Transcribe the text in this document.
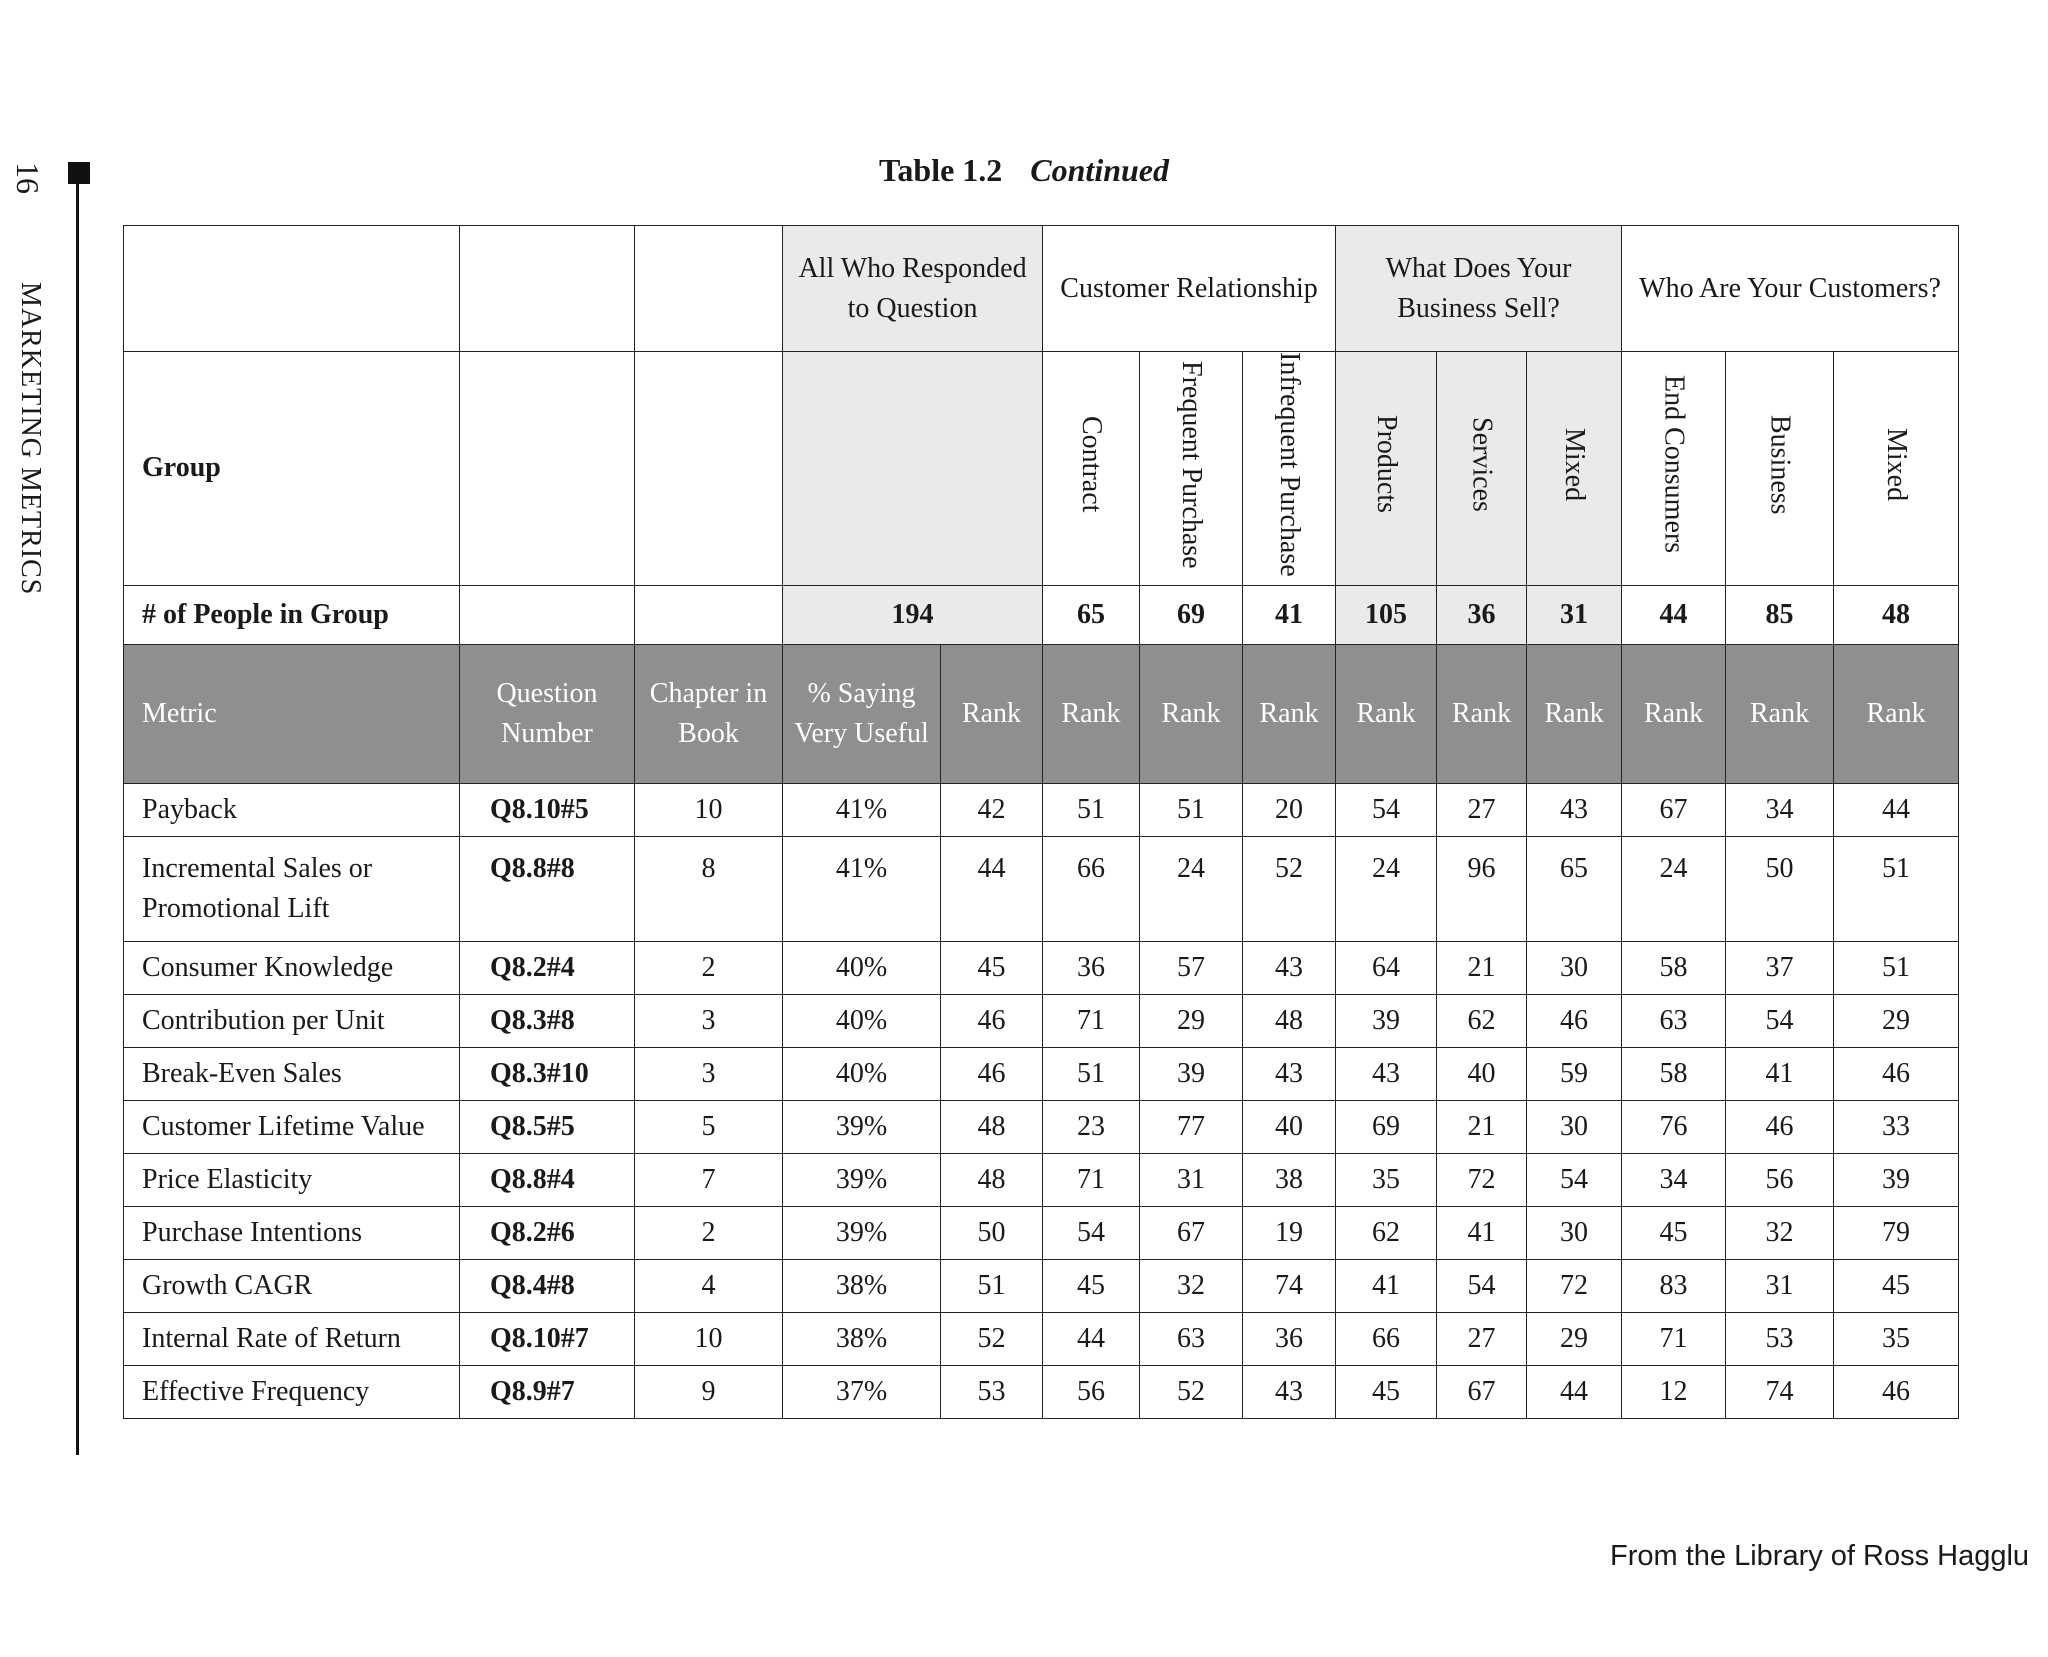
16
MARKETING METRICS
Table 1.2 Continued
			All Who Responded to Question		Customer Relationship			What Does Your Business Sell?			Who Are Your Customers?		
Group					Contract	Frequent Purchase	Infrequent Purchase	Products	Services	Mixed	End Consumers	Business	Mixed
# of People in Group			194		65	69	41	105	36	31	44	85	48
Metric	Question Number	Chapter in Book	% Saying Very Useful	Rank	Rank	Rank	Rank	Rank	Rank	Rank	Rank	Rank	Rank
Payback	Q8.10#5	10	41%	42	51	51	20	54	27	43	67	34	44
Incremental Sales or Promotional Lift	Q8.8#8	8	41%	44	66	24	52	24	96	65	24	50	51
Consumer Knowledge	Q8.2#4	2	40%	45	36	57	43	64	21	30	58	37	51
Contribution per Unit	Q8.3#8	3	40%	46	71	29	48	39	62	46	63	54	29
Break-Even Sales	Q8.3#10	3	40%	46	51	39	43	43	40	59	58	41	46
Customer Lifetime Value	Q8.5#5	5	39%	48	23	77	40	69	21	30	76	46	33
Price Elasticity	Q8.8#4	7	39%	48	71	31	38	35	72	54	34	56	39
Purchase Intentions	Q8.2#6	2	39%	50	54	67	19	62	41	30	45	32	79
Growth CAGR	Q8.4#8	4	38%	51	45	32	74	41	54	72	83	31	45
Internal Rate of Return	Q8.10#7	10	38%	52	44	63	36	66	27	29	71	53	35
Effective Frequency	Q8.9#7	9	37%	53	56	52	43	45	67	44	12	74	46
From the Library of Ross Hagglu
